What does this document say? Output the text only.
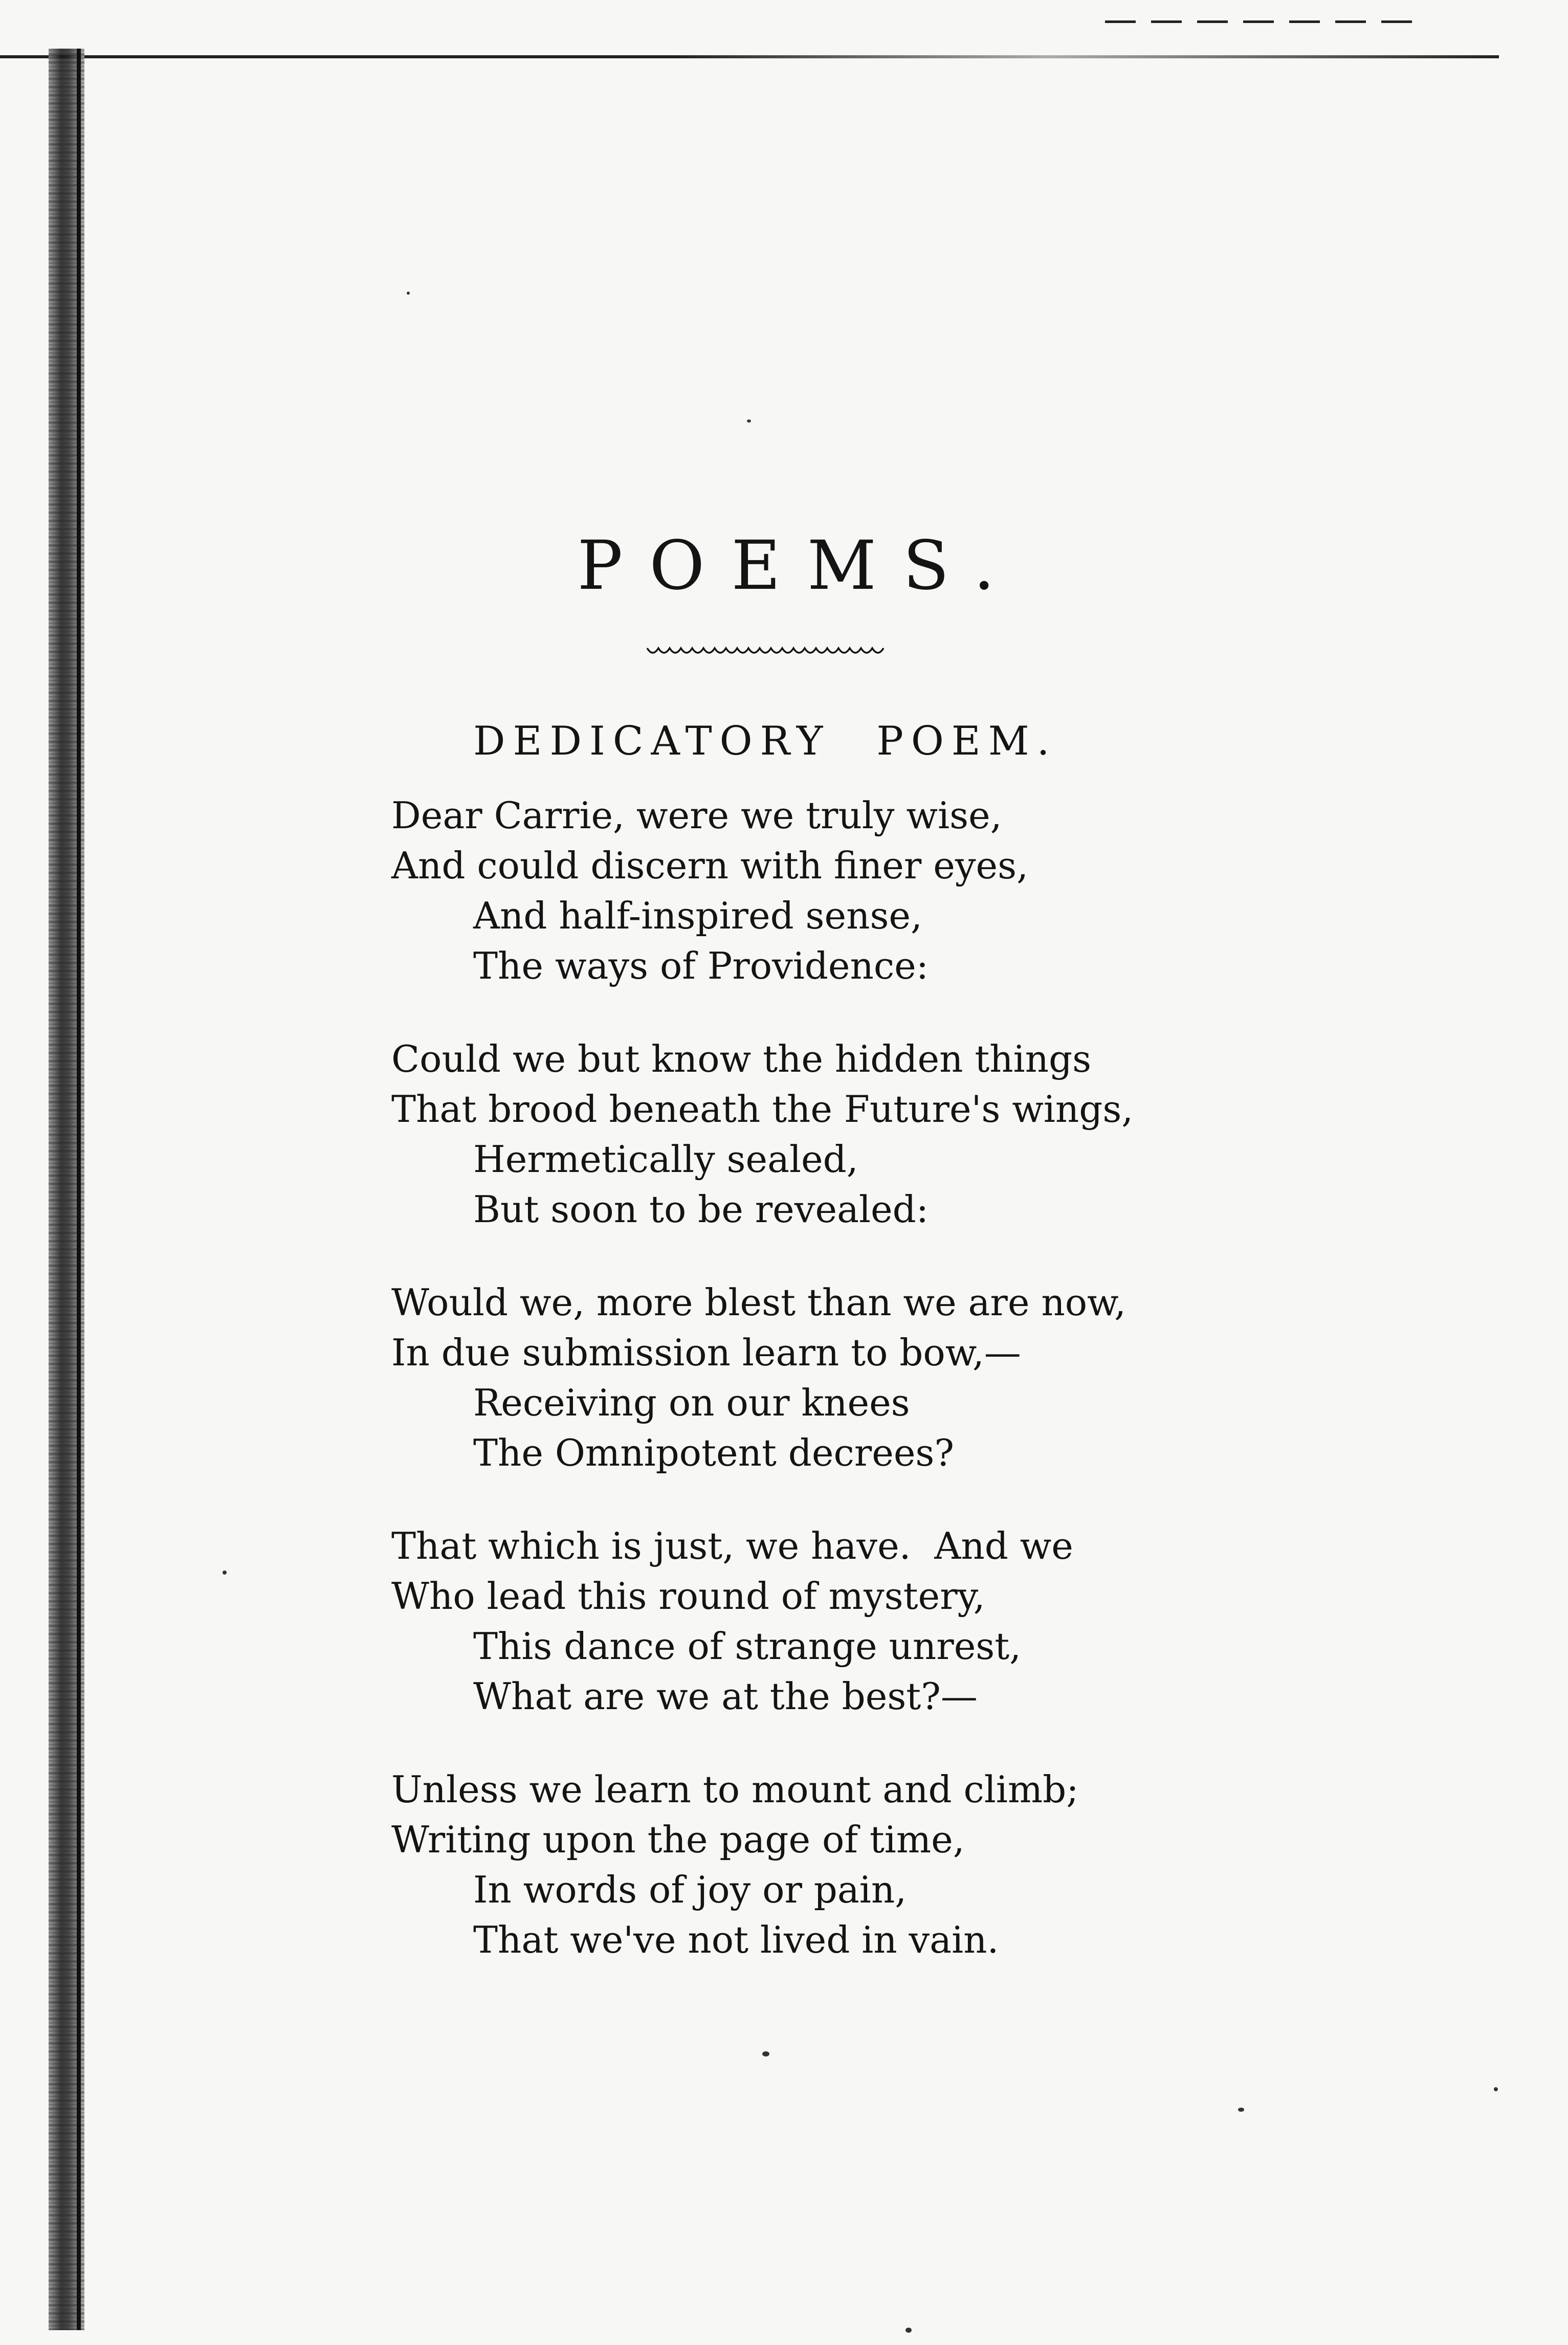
POEMS.
DEDICATORY POEM.
Dear Carrie, were we truly wise,
And could discern with finer eyes,
And half-inspired sense,
The ways of Providence:
Could we but know the hidden things
That brood beneath the Future's wings,
Hermetically sealed,
But soon to be revealed:
Would we, more blest than we are now,
In due submission learn to bow,—
Receiving on our knees
The Omnipotent decrees?
That which is just, we have.  And we
Who lead this round of mystery,
This dance of strange unrest,
What are we at the best?—
Unless we learn to mount and climb;
Writing upon the page of time,
In words of joy or pain,
That we've not lived in vain.
